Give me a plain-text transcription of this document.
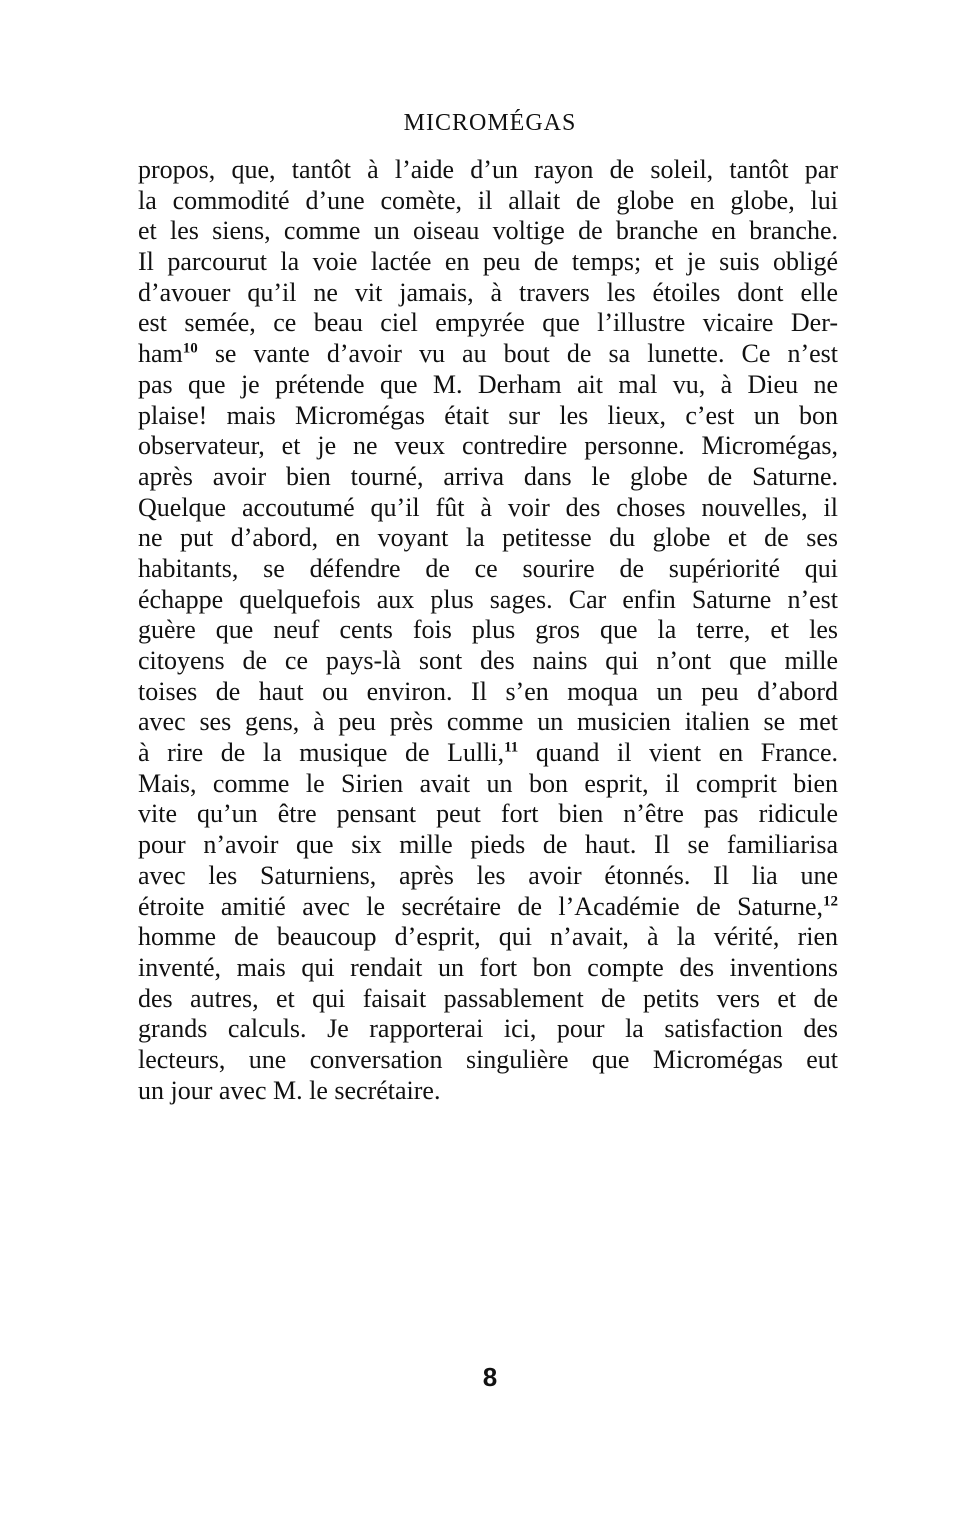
MICROMÉGAS
propos, que, tantôt à l’aide d’un rayon de soleil, tantôt par
la commodité d’une comète, il allait de globe en globe, lui
et les siens, comme un oiseau voltige de branche en branche.
Il parcourut la voie lactée en peu de temps; et je suis obligé
d’avouer qu’il ne vit jamais, à travers les étoiles dont elle
est semée, ce beau ciel empyrée que l’illustre vicaire Der-
ham$^{10}$ se vante d’avoir vu au bout de sa lunette. Ce n’est
pas que je prétende que M. Derham ait mal vu, à Dieu ne
plaise! mais Micromégas était sur les lieux, c’est un bon
observateur, et je ne veux contredire personne. Micromégas,
après avoir bien tourné, arriva dans le globe de Saturne.
Quelque accoutumé qu’il fût à voir des choses nouvelles, il
ne put d’abord, en voyant la petitesse du globe et de ses
habitants, se défendre de ce sourire de supériorité qui
échappe quelquefois aux plus sages. Car enfin Saturne n’est
guère que neuf cents fois plus gros que la terre, et les
citoyens de ce pays-là sont des nains qui n’ont que mille
toises de haut ou environ. Il s’en moqua un peu d’abord
avec ses gens, à peu près comme un musicien italien se met
à rire de la musique de Lulli,$^{11}$ quand il vient en France.
Mais, comme le Sirien avait un bon esprit, il comprit bien
vite qu’un être pensant peut fort bien n’être pas ridicule
pour n’avoir que six mille pieds de haut. Il se familiarisa
avec les Saturniens, après les avoir étonnés. Il lia une
étroite amitié avec le secrétaire de l’Académie de Saturne,$^{12}$
homme de beaucoup d’esprit, qui n’avait, à la vérité, rien
inventé, mais qui rendait un fort bon compte des inventions
des autres, et qui faisait passablement de petits vers et de
grands calculs. Je rapporterai ici, pour la satisfaction des
lecteurs, une conversation singulière que Micromégas eut
un jour avec M. le secrétaire.
8
